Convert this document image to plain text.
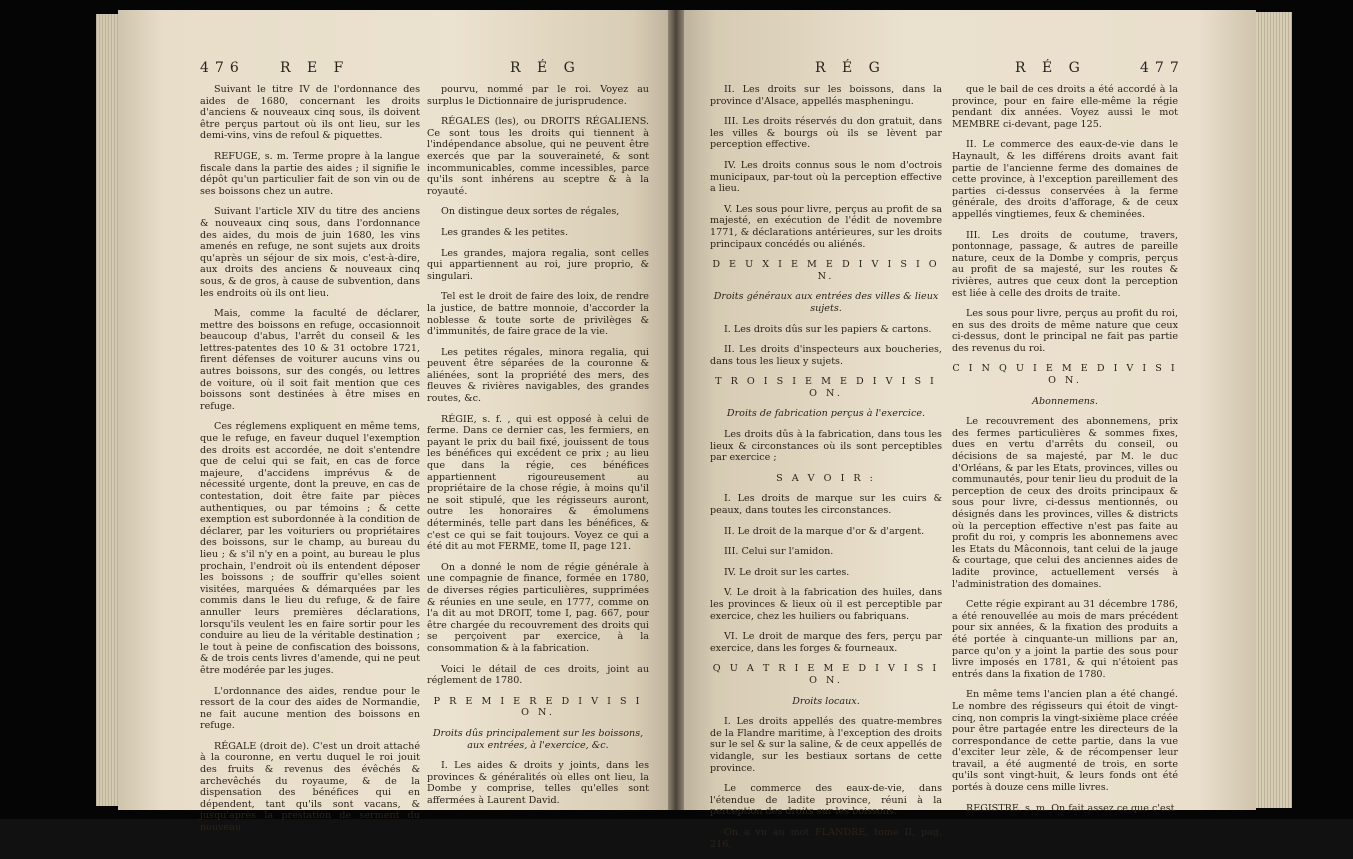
476	R E F	R É G	R É G	R É G	477

Suivant le titre IV de l'ordonnance des aides de 1680, concernant les droits d'anciens & nouveaux cinq sous, ils doivent être perçus partout où ils ont lieu, sur les demi-vins, vins de refoul & piquettes.

REFUGE, s. m. Terme propre à la langue fiscale dans la partie des aides ; il signifie le dépôt qu'un particulier fait de son vin ou de ses boissons chez un autre.

Suivant l'article XIV du titre des anciens & nouveaux cinq sous, dans l'ordonnance des aides, du mois de juin 1680, les vins amenés en refuge, ne sont sujets aux droits qu'après un séjour de six mois, c'est-à-dire, aux droits des anciens & nouveaux cinq sous, & de gros, à cause de subvention, dans les endroits où ils ont lieu.

Mais, comme la faculté de déclarer, mettre des boissons en refuge, occasionnoit beaucoup d'abus, l'arrêt du conseil & les lettres-patentes des 10 & 31 octobre 1721, firent défenses de voiturer aucuns vins ou autres boissons, sur des congés, ou lettres de voiture, où il soit fait mention que ces boissons sont destinées à être mises en refuge.

Ces réglemens expliquent en même tems, que le refuge, en faveur duquel l'exemption des droits est accordée, ne doit s'entendre que de celui qui se fait, en cas de force majeure, d'accidens imprévus & de nécessité urgente, dont la preuve, en cas de contestation, doit être faite par pièces authentiques, ou par témoins ; & cette exemption est subordonnée à la condition de déclarer, par les voituriers ou propriétaires des boissons, sur le champ, au bureau du lieu ; & s'il n'y en a point, au bureau le plus prochain, l'endroit où ils entendent déposer les boissons ; de souffrir qu'elles soient visitées, marquées & démarquées par les commis dans le lieu du refuge, & de faire annuller leurs premières déclarations, lorsqu'ils veulent les en faire sortir pour les conduire au lieu de la véritable destination ; le tout à peine de confiscation des boissons, & de trois cents livres d'amende, qui ne peut être modérée par les juges.

L'ordonnance des aides, rendue pour le ressort de la cour des aides de Normandie, ne fait aucune mention des boissons en refuge.

RÉGALE (droit de). C'est un droit attaché à la couronne, en vertu duquel le roi jouit des fruits & revenus des évêchés & archevêchés du royaume, & de la dispensation des bénéfices qui en dépendent, tant qu'ils sont vacans, & jusqu'après la prestation de serment du nouveau

pourvu, nommé par le roi. Voyez au surplus le Dictionnaire de jurisprudence.

RÉGALES (les), ou DROITS RÉGALIENS. Ce sont tous les droits qui tiennent à l'indépendance absolue, qui ne peuvent être exercés que par la souveraineté, & sont incommunicables, comme incessibles, parce qu'ils sont inhérens au sceptre & à la royauté.

On distingue deux sortes de régales,

Les grandes & les petites.

Les grandes, majora regalia, sont celles qui appartiennent au roi, jure proprio, & singulari.

Tel est le droit de faire des loix, de rendre la justice, de battre monnoie, d'accorder la noblesse & toute sorte de privilèges & d'immunités, de faire grace de la vie.

Les petites régales, minora regalia, qui peuvent être séparées de la couronne & aliénées, sont la propriété des mers, des fleuves & rivières navigables, des grandes routes, &c.

RÉGIE, s. f. , qui est opposé à celui de ferme. Dans ce dernier cas, les fermiers, en payant le prix du bail fixé, jouissent de tous les bénéfices qui excédent ce prix ; au lieu que dans la régie, ces bénéfices appartiennent rigoureusement au propriétaire de la chose régie, à moins qu'il ne soit stipulé, que les régisseurs auront, outre les honoraires & émolumens déterminés, telle part dans les bénéfices, & c'est ce qui se fait toujours. Voyez ce qui a été dit au mot FERME, tome II, page 121.

On a donné le nom de régie générale à une compagnie de finance, formée en 1780, de diverses régies particulières, supprimées & réunies en une seule, en 1777, comme on l'a dit au mot DROIT, tome I, pag. 667, pour être chargée du recouvrement des droits qui se perçoivent par exercice, à la consommation & à la fabrication.

Voici le détail de ces droits, joint au réglement de 1780.

P R E M I E R E D I V I S I O N.

Droits dûs principalement sur les boissons, aux entrées, à l'exercice, &c.

I. Les aides & droits y joints, dans les provinces & généralités où elles ont lieu, la Dombe y comprise, telles qu'elles sont affermées à Laurent David.

II. Les droits sur les boissons, dans la province d'Alsace, appellés maspheningu.

III. Les droits réservés du don gratuit, dans les villes & bourgs où ils se lèvent par perception effective.

IV. Les droits connus sous le nom d'octrois municipaux, par-tout où la perception effective a lieu.

V. Les sous pour livre, perçus au profit de sa majesté, en exécution de l'édit de novembre 1771, & déclarations antérieures, sur les droits principaux concédés ou aliénés.

D E U X I E M E D I V I S I O N.

Droits généraux aux entrées des villes & lieux sujets.

I. Les droits dûs sur les papiers & cartons.

II. Les droits d'inspecteurs aux boucheries, dans tous les lieux y sujets.

T R O I S I E M E D I V I S I O N.

Droits de fabrication perçus à l'exercice.

Les droits dûs à la fabrication, dans tous les lieux & circonstances où ils sont perceptibles par exercice ;

S A V O I R :

I. Les droits de marque sur les cuirs & peaux, dans toutes les circonstances.

II. Le droit de la marque d'or & d'argent.

III. Celui sur l'amidon.

IV. Le droit sur les cartes.

V. Le droit à la fabrication des huiles, dans les provinces & lieux où il est perceptible par exercice, chez les huiliers ou fabriquans.

VI. Le droit de marque des fers, perçu par exercice, dans les forges & fourneaux.

Q U A T R I E M E D I V I S I O N.

Droits locaux.

I. Les droits appellés des quatre-membres de la Flandre maritime, à l'exception des droits sur le sel & sur la saline, & de ceux appellés de vidangle, sur les bestiaux sortans de cette province.

Le commerce des eaux-de-vie, dans l'étendue de ladite province, réuni à la perception des droits sur les boissons.

On a vu au mot FLANDRE, tome II, pag. 216,

que le bail de ces droits a été accordé à la province, pour en faire elle-même la régie pendant dix années. Voyez aussi le mot MEMBRE ci-devant, page 125.

II. Le commerce des eaux-de-vie dans le Haynault, & les différens droits avant fait partie de l'ancienne ferme des domaines de cette province, à l'exception pareillement des parties ci-dessus conservées à la ferme générale, des droits d'afforage, & de ceux appellés vingtiemes, feux & cheminées.

III. Les droits de coutume, travers, pontonnage, passage, & autres de pareille nature, ceux de la Dombe y compris, perçus au profit de sa majesté, sur les routes & rivières, autres que ceux dont la perception est liée à celle des droits de traite.

Les sous pour livre, perçus au profit du roi, en sus des droits de même nature que ceux ci-dessus, dont le principal ne fait pas partie des revenus du roi.

C I N Q U I E M E D I V I S I O N.

Abonnemens.

Le recouvrement des abonnemens, prix des fermes particulières & sommes fixes, dues en vertu d'arrêts du conseil, ou décisions de sa majesté, par M. le duc d'Orléans, & par les Etats, provinces, villes ou communautés, pour tenir lieu du produit de la perception de ceux des droits principaux & sous pour livre, ci-dessus mentionnés, ou désignés dans les provinces, villes & districts où la perception effective n'est pas faite au profit du roi, y compris les abonnemens avec les Etats du Mâconnois, tant celui de la jauge & courtage, que celui des anciennes aides de ladite province, actuellement versés à l'administration des domaines.

Cette régie expirant au 31 décembre 1786, a été renouvellée au mois de mars précédent pour six années, & la fixation des produits a été portée à cinquante-un millions par an, parce qu'on y a joint la partie des sous pour livre imposés en 1781, & qui n'étoient pas entrés dans la fixation de 1780.

En même tems l'ancien plan a été changé. Le nombre des régisseurs qui étoit de vingt-cinq, non compris la vingt-sixième place créée pour être partagée entre les directeurs de la correspondance de cette partie, dans la vue d'exciter leur zèle, & de récompenser leur travail, a été augmenté de trois, en sorte qu'ils sont vingt-huit, & leurs fonds ont été portés à douze cens mille livres.

REGISTRE, s. m. On fait assez ce que c'est
